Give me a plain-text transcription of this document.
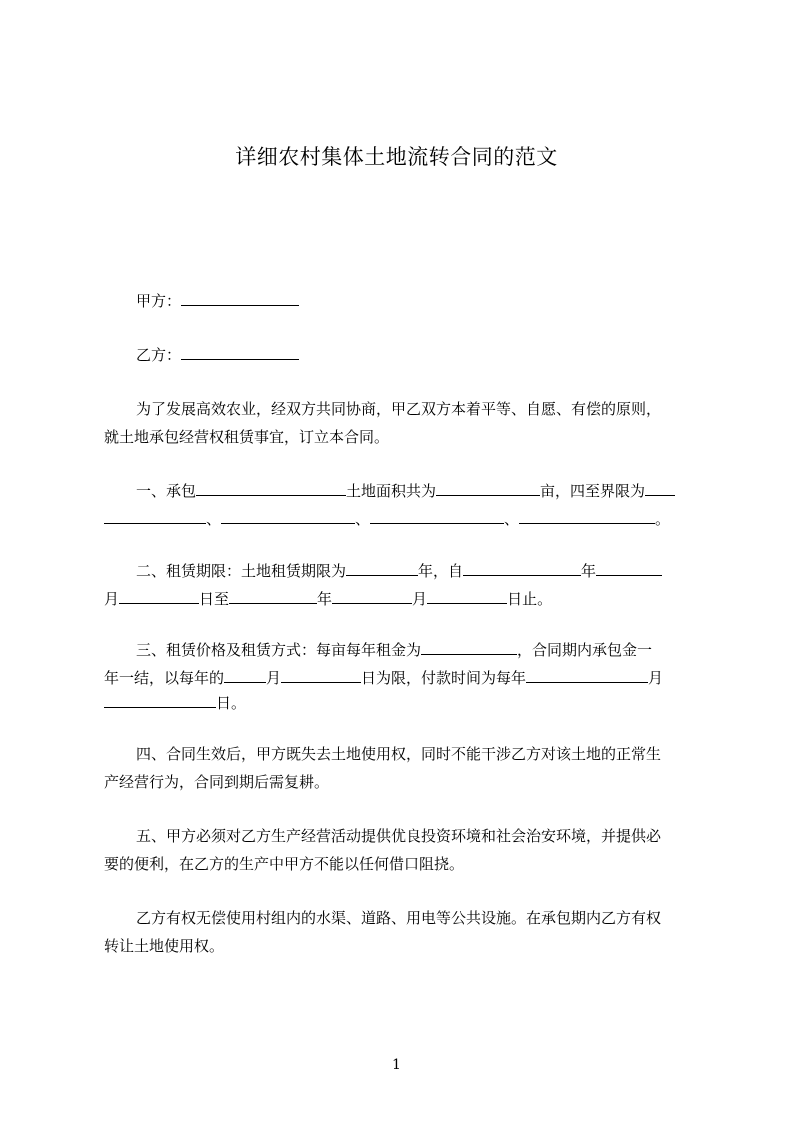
详细农村集体土地流转合同的范文
甲方：
乙方：
为了发展高效农业，经双方共同协商，甲乙双方本着平等、自愿、有偿的原则，
就土地承包经营权租赁事宜，订立本合同。
一、承包	土地面积共为	亩，四至界限为
、	、	、	。
二、租赁期限：土地租赁期限为	年，自	年
月	日至	年	月	日止。
三、租赁价格及租赁方式：每亩每年租金为	，合同期内承包金一
年一结，以每年的	月	日为限，付款时间为每年	月
日。
四、合同生效后，甲方既失去土地使用权，同时不能干涉乙方对该土地的正常生
产经营行为，合同到期后需复耕。
五、甲方必须对乙方生产经营活动提供优良投资环境和社会治安环境，并提供必
要的便利，在乙方的生产中甲方不能以任何借口阻挠。
乙方有权无偿使用村组内的水渠、道路、用电等公共设施。在承包期内乙方有权
转让土地使用权。
1
